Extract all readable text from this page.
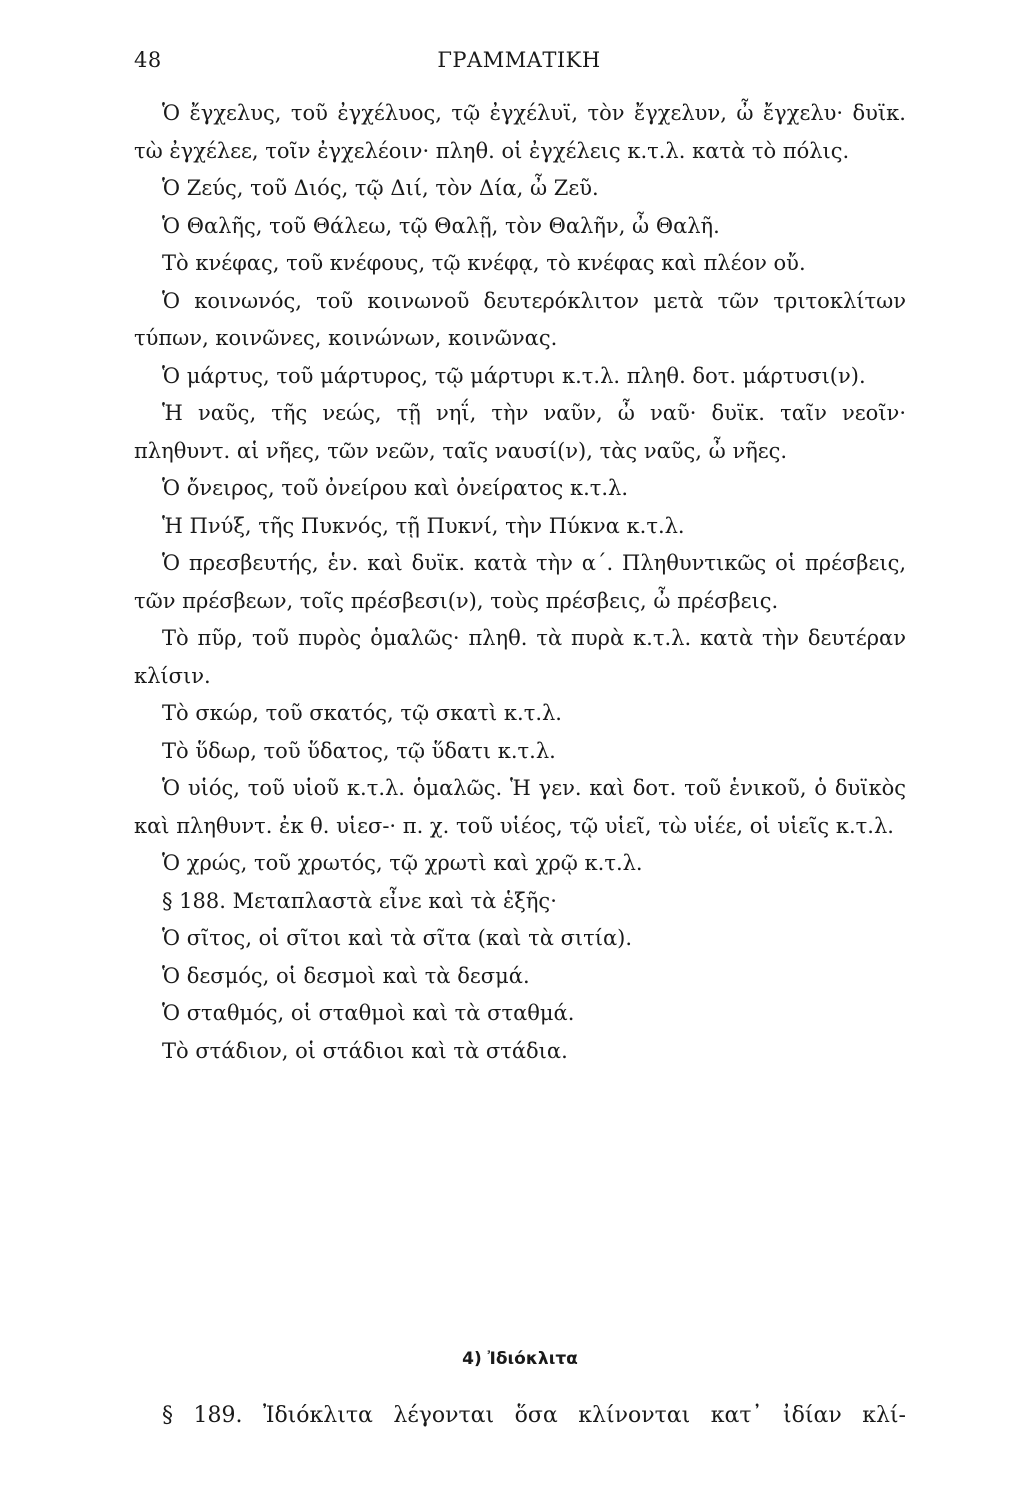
48	ΓΡΑΜΜΑΤΙΚΗ

Ὁ ἔγχελυς, τοῦ ἐγχέλυος, τῷ ἐγχέλυϊ, τὸν ἔγχελυν, ὦ ἔγχελυ· δυϊκ. τὼ ἐγχέλεε, τοῖν ἐγχελέοιν· πληθ. οἱ ἐγχέλεις κ.τ.λ. κατὰ τὸ πόλις.

Ὁ Ζεύς, τοῦ Διός, τῷ Διί, τὸν Δία, ὦ Ζεῦ.

Ὁ Θαλῆς, τοῦ Θάλεω, τῷ Θαλῇ, τὸν Θαλῆν, ὦ Θαλῆ.

Τὸ κνέφας, τοῦ κνέφους, τῷ κνέφᾳ, τὸ κνέφας καὶ πλέον οὔ.

Ὁ κοινωνός, τοῦ κοινωνοῦ δευτερόκλιτον μετὰ τῶν τριτοκλίτων τύπων, κοινῶνες, κοινώνων, κοινῶνας.

Ὁ μάρτυς, τοῦ μάρτυρος, τῷ μάρτυρι κ.τ.λ. πληθ. δοτ. μάρτυσι(ν).

Ἡ ναῦς, τῆς νεώς, τῇ νηΐ, τὴν ναῦν, ὦ ναῦ· δυϊκ. ταῖν νεοῖν· πληθυντ. αἱ νῆες, τῶν νεῶν, ταῖς ναυσί(ν), τὰς ναῦς, ὦ νῆες.

Ὁ ὄνειρος, τοῦ ὀνείρου καὶ ὀνείρατος κ.τ.λ.

Ἡ Πνύξ, τῆς Πυκνός, τῇ Πυκνί, τὴν Πύκνα κ.τ.λ.

Ὁ πρεσβευτής, ἑν. καὶ δυϊκ. κατὰ τὴν α΄. Πληθυντικῶς οἱ πρέσβεις, τῶν πρέσβεων, τοῖς πρέσβεσι(ν), τοὺς πρέσβεις, ὦ πρέσβεις.

Τὸ πῦρ, τοῦ πυρὸς ὁμαλῶς· πληθ. τὰ πυρὰ κ.τ.λ. κατὰ τὴν δευτέραν κλίσιν.

Τὸ σκώρ, τοῦ σκατός, τῷ σκατὶ κ.τ.λ.

Τὸ ὕδωρ, τοῦ ὕδατος, τῷ ὕδατι κ.τ.λ.

Ὁ υἱός, τοῦ υἱοῦ κ.τ.λ. ὁμαλῶς. Ἡ γεν. καὶ δοτ. τοῦ ἑνικοῦ, ὁ δυϊκὸς καὶ πληθυντ. ἐκ θ. υἱεσ-· π. χ. τοῦ υἱέος, τῷ υἱεῖ, τὼ υἱέε, οἱ υἱεῖς κ.τ.λ.

Ὁ χρώς, τοῦ χρωτός, τῷ χρωτὶ καὶ χρῷ κ.τ.λ.

§ 188. Μεταπλαστὰ εἶνε καὶ τὰ ἑξῆς·

Ὁ σῖτος, οἱ σῖτοι καὶ τὰ σῖτα (καὶ τὰ σιτία).

Ὁ δεσμός, οἱ δεσμοὶ καὶ τὰ δεσμά.

Ὁ σταθμός, οἱ σταθμοὶ καὶ τὰ σταθμά.

Τὸ στάδιον, οἱ στάδιοι καὶ τὰ στάδια.

4) Ἰδιόκλιτα

§ 189. Ἰδιόκλιτα λέγονται ὅσα κλίνονται κατ᾽ ἰδίαν κλί-
